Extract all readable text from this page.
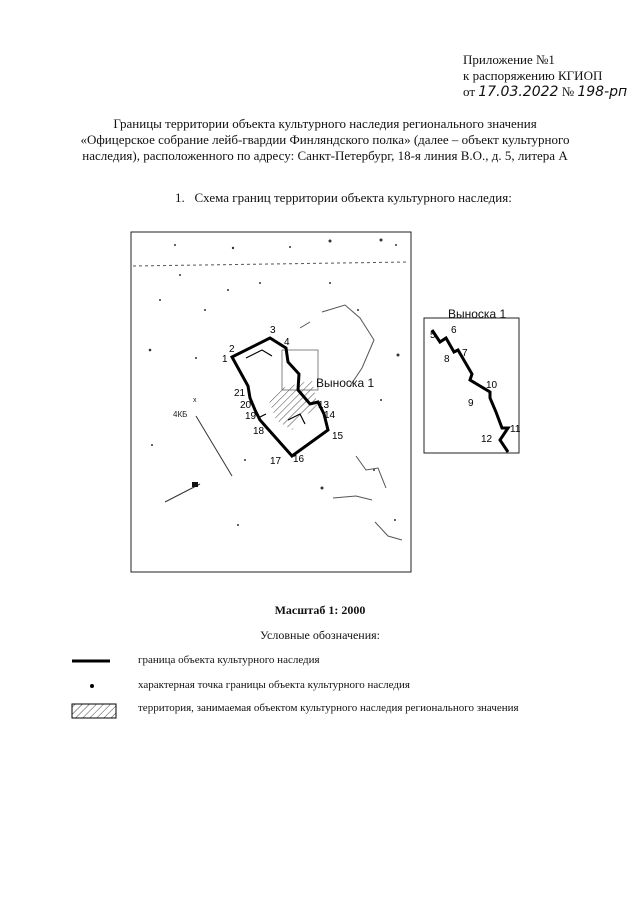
Приложение №1
к распоряжению КГИОП
от 17.03.2022 № 198-рп
Границы территории объекта культурного наследия регионального значения
«Офицерское собрание лейб-гвардии Финляндского полка» (далее – объект культурного
наследия), расположенного по адресу: Санкт-Петербург, 18-я линия В.О., д. 5, литера А
1. Схема границ территории объекта культурного наследия:
x
4КБ
Выноска 1
1
2
3
4
13
14
15
16
17
18
19
20
21
Выноска 1
5 6
7
8
9
10
11
12
Масштаб 1: 2000
Условные обозначения:
граница объекта культурного наследия
характерная точка границы объекта культурного наследия
территория, занимаемая объектом культурного наследия регионального значения
